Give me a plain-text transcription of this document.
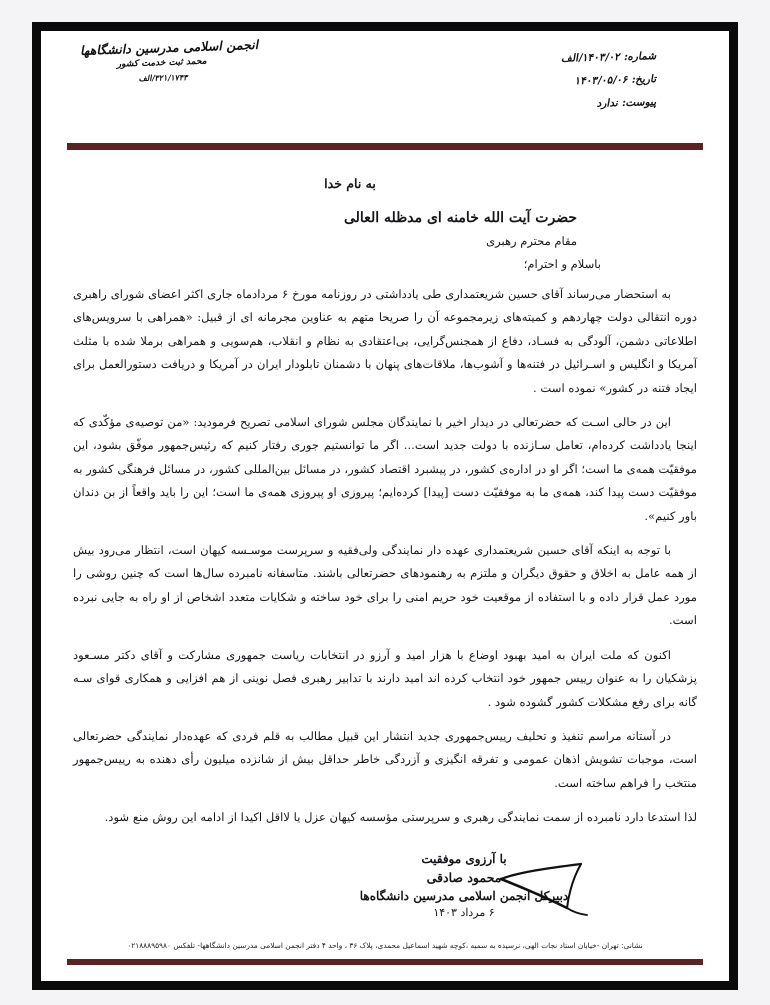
شماره: ۱۴۰۳/۰۲/الف
تاریخ: ۱۴۰۳/۰۵/۰۶
پیوست: ندارد
انجمن اسلامی مدرسین دانشگاهها
محمد ثبت خدمت کشور
۳۲۱/۱۷۴۳/الف
به نام خدا
حضرت آیت الله خامنه ای مدظله العالی
مقام محترم رهبری
باسلام و احترام؛

به استحضار می‌رساند آقای حسین شریعتمداری طی یادداشتی در روزنامه مورخ ۶ مردادماه جاری اکثر اعضای شورای راهبری دوره انتقالی دولت چهاردهم و کمیته‌های زیرمجموعه آن را صریحا متهم به عناوین مجرمانه ای از قبیل: «همراهی با سرویس‌های اطلاعاتی دشمن، آلودگی به فسـاد، دفاع از همجنس‌گرایی، بی‌اعتقادی به نظام و انقلاب، هم‌سویی و همراهی برملا شده با مثلث آمریکا و انگلیس و اسـرائیل در فتنه‌ها و آشوب‌ها، ملاقات‌های پنهان با دشمنان تابلودار ایران در آمریکا و دریافت دستورالعمل برای ایجاد فتنه در کشور» نموده است .

این در حالی اسـت که حضرتعالی در دیدار اخیر با نمایندگان مجلس شورای اسلامی تصریح فرمودید: «من توصیه‌ی مؤکّدی که اینجا یادداشت کرده‌ام، تعامل سـازنده با دولت جدید است... اگر ما توانستیم جوری رفتار کنیم که رئیس‌جمهور موفّق بشود، این موفقیّت همه‌ی ما است؛ اگر او در اداره‌ی کشور، در پیشبرد اقتصاد کشور، در مسائل بین‌المللی کشور، در مسائل فرهنگی کشور به موفقیّت دست پیدا کند، همه‌ی ما به موفقیّت دست [پیدا] کرده‌ایم؛ پیروزی او پیروزی همه‌ی ما است؛ این را باید واقعاً از بن دندان باور کنیم».

با توجه به اینکه آقای حسین شریعتمداری عهده دار نمایندگی ولی‌فقیه و سرپرست موسـسه کیهان است، انتظار می‌رود بیش از همه عامل به اخلاق و حقوق دیگران و ملتزم به رهنمودهای حضرتعالی باشند. متاسفانه نامبرده سال‌ها است که چنین روشی را مورد عمل قرار داده و با استفاده از موقعیت خود حریم امنی را برای خود ساخته و شکایات متعدد اشخاص از او راه به جایی نبرده است.

اکنون که ملت ایران به امید بهبود اوضاع با هزار امید و آرزو در انتخابات ریاست جمهوری مشارکت و آقای دکتر مسـعود پزشکیان را به عنوان رییس جمهور خود انتخاب کرده اند امید دارند با تدابیر رهبری فصل نوینی از هم افزایی و همکاری قوای سـه گانه برای رفع مشکلات کشور گشوده شود .

در آستانه مراسم تنفیذ و تحلیف رییس‌جمهوری جدید انتشار این قبیل مطالب به قلم فردی که عهده‌دار نمایندگی حضرتعالی است، موجبات تشویش اذهان عمومی و تفرقه انگیزی و آزردگی خاطر حداقل بیش از شانزده میلیون رأی دهنده به رییس‌جمهور منتخب را فراهم ساخته است.

لذا استدعا دارد نامبرده از سمت نمایندگی رهبری و سرپرستی مؤسسه کیهان عزل یا لااقل اکیدا از ادامه این روش منع شود.

با آرزوی موفقیت
محمود صادقی
دبیرکل انجمن اسلامی مدرسین دانشگاه‌ها
۶ مرداد ۱۴۰۳
نشانی: تهران -خیابان استاد نجات الهی، نرسیده به سمیه ،کوچه شهید اسماعیل محمدی، پلاک ۳۶ ، واحد ۴ دفتر انجمن اسلامی مدرسین دانشگاهها- تلفکس ۰۲۱۸۸۸۹۵۹۸۰
